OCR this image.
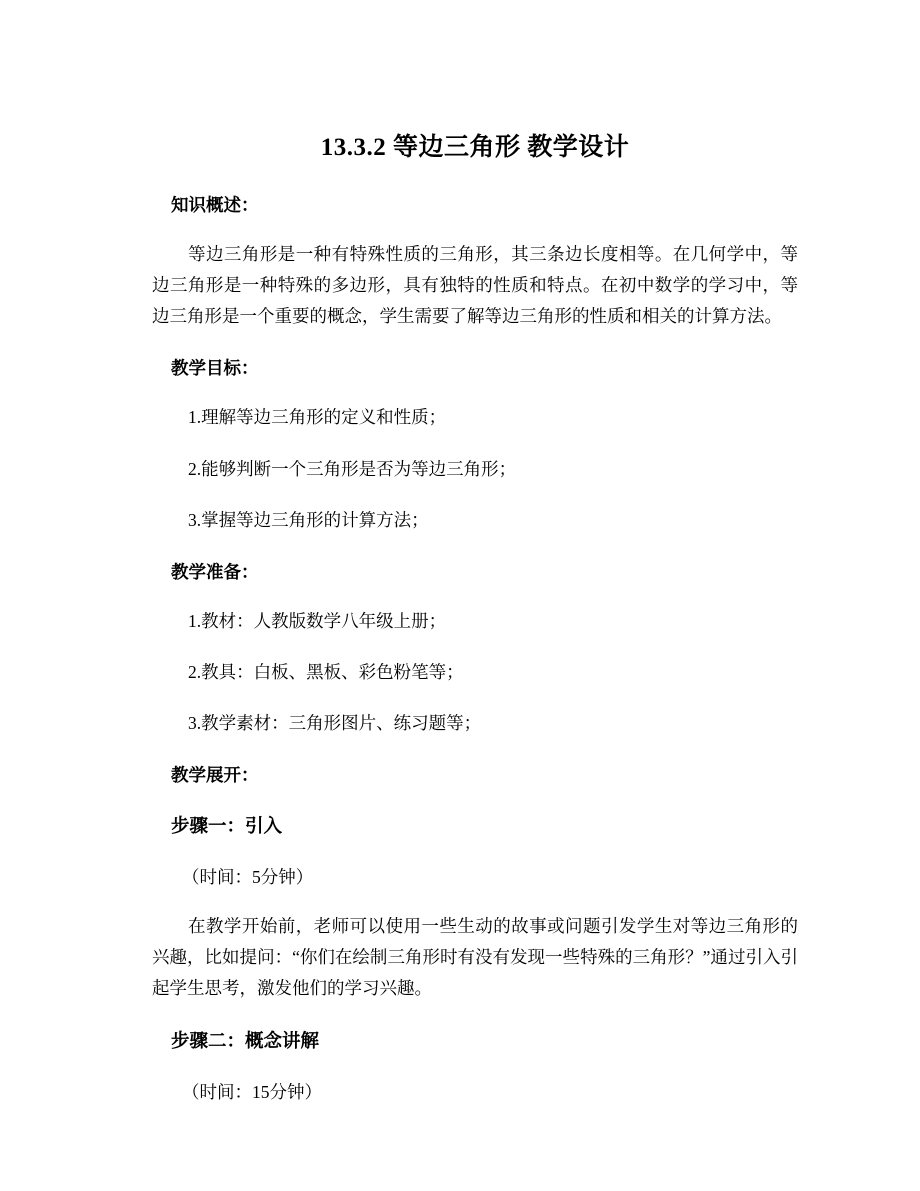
13.3.2 等边三角形 教学设计

知识概述：

等边三角形是一种有特殊性质的三角形，其三条边长度相等。在几何学中，等边三角形是一种特殊的多边形，具有独特的性质和特点。在初中数学的学习中，等边三角形是一个重要的概念，学生需要了解等边三角形的性质和相关的计算方法。

教学目标：

1.理解等边三角形的定义和性质；

2.能够判断一个三角形是否为等边三角形；

3.掌握等边三角形的计算方法；

教学准备：

1.教材：人教版数学八年级上册；

2.教具：白板、黑板、彩色粉笔等；

3.教学素材：三角形图片、练习题等；

教学展开：

步骤一：引入

（时间：5分钟）

在教学开始前，老师可以使用一些生动的故事或问题引发学生对等边三角形的兴趣，比如提问：“你们在绘制三角形时有没有发现一些特殊的三角形？”通过引入引起学生思考，激发他们的学习兴趣。

步骤二：概念讲解

（时间：15分钟）
